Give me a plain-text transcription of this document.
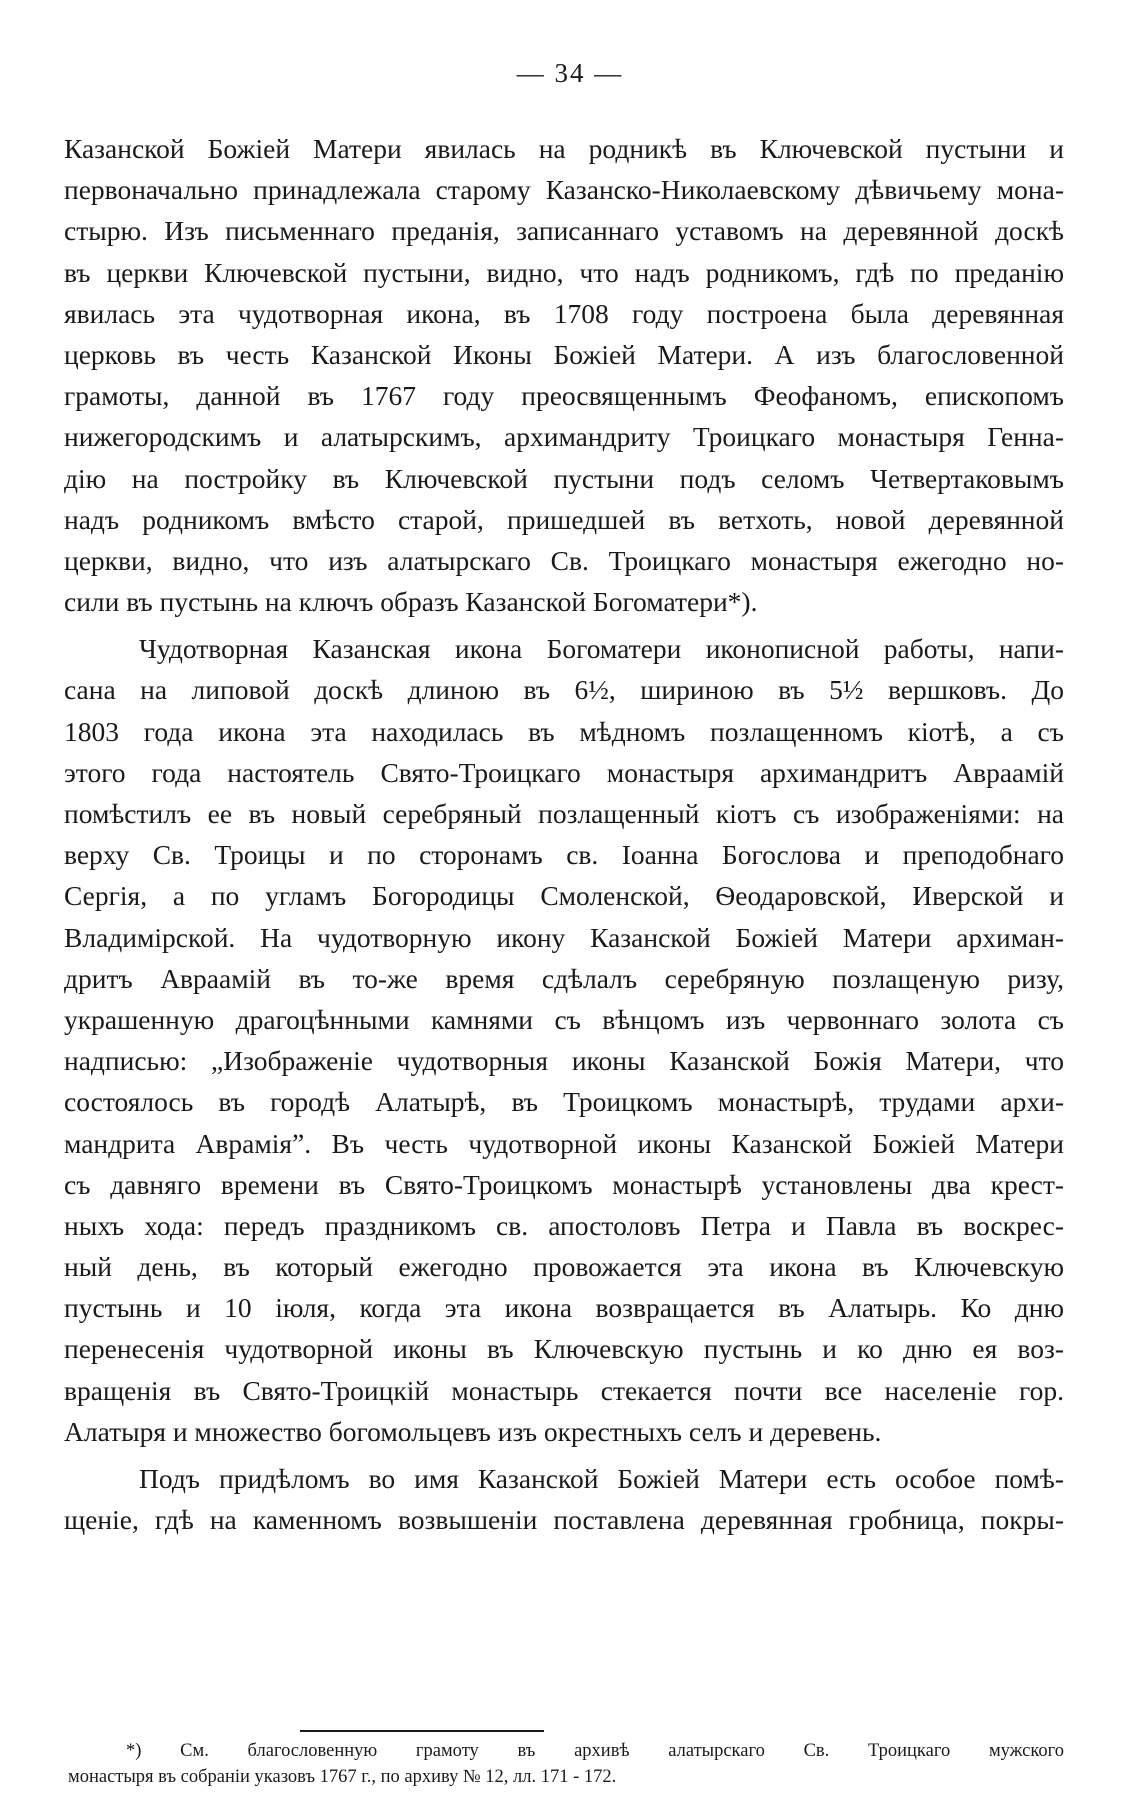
— 34 —
Казанской Божіей Матери явилась на родникѣ въ Ключевской пустыни и
первоначально принадлежала старому Казанско-Николаевскому дѣвичьему мона-
стырю. Изъ письменнаго преданія, записаннаго уставомъ на деревянной доскѣ
въ церкви Ключевской пустыни, видно, что надъ родникомъ, гдѣ по преданію
явилась эта чудотворная икона, въ 1708 году построена была деревянная
церковь въ честь Казанской Иконы Божіей Матери. А изъ благословенной
грамоты, данной въ 1767 году преосвященнымъ Феофаномъ, епископомъ
нижегородскимъ и алатырскимъ, архимандриту Троицкаго монастыря Генна-
дію на постройку въ Ключевской пустыни подъ селомъ Четвертаковымъ
надъ родникомъ вмѣсто старой, пришедшей въ ветхоть, новой деревянной
церкви, видно, что изъ алатырскаго Св. Троицкаго монастыря ежегодно но-
сили въ пустынь на ключъ образъ Казанской Богоматери*).
Чудотворная Казанская икона Богоматери иконописной работы, напи-
сана на липовой доскѣ длиною въ 6½, шириною въ 5½ вершковъ. До
1803 года икона эта находилась въ мѣдномъ позлащенномъ кіотѣ, а съ
этого года настоятель Свято-Троицкаго монастыря архимандритъ Авраамій
помѣстилъ ее въ новый серебряный позлащенный кіотъ съ изображеніями: на
верху Св. Троицы и по сторонамъ св. Іоанна Богослова и преподобнаго
Сергія, а по угламъ Богородицы Смоленской, Ѳеодаровской, Иверской и
Владимірской. На чудотворную икону Казанской Божіей Матери архиман-
дритъ Авраамій въ то-же время сдѣлалъ серебряную позлащеную ризу,
украшенную драгоцѣнными камнями съ вѣнцомъ изъ червоннаго золота съ
надписью: „Изображеніе чудотворныя иконы Казанской Божія Матери, что
состоялось въ городѣ Алатырѣ, въ Троицкомъ монастырѣ, трудами архи-
мандрита Авраміяˮ. Въ честь чудотворной иконы Казанской Божіей Матери
съ давняго времени въ Свято-Троицкомъ монастырѣ установлены два крест-
ныхъ хода: передъ праздникомъ св. апостоловъ Петра и Павла въ воскрес-
ный день, въ который ежегодно провожается эта икона въ Ключевскую
пустынь и 10 іюля, когда эта икона возвращается въ Алатырь. Ко дню
перенесенія чудотворной иконы въ Ключевскую пустынь и ко дню ея воз-
вращенія въ Свято-Троицкій монастырь стекается почти все населеніе гор.
Алатыря и множество богомольцевъ изъ окрестныхъ селъ и деревень.
Подъ придѣломъ во имя Казанской Божіей Матери есть особое помѣ-
щеніе, гдѣ на каменномъ возвышеніи поставлена деревянная гробница, покры-
*) См. благословенную грамоту въ архивѣ алатырскаго Св. Троицкаго мужского
монастыря въ собраніи указовъ 1767 г., по архиву № 12, лл. 171 - 172.
